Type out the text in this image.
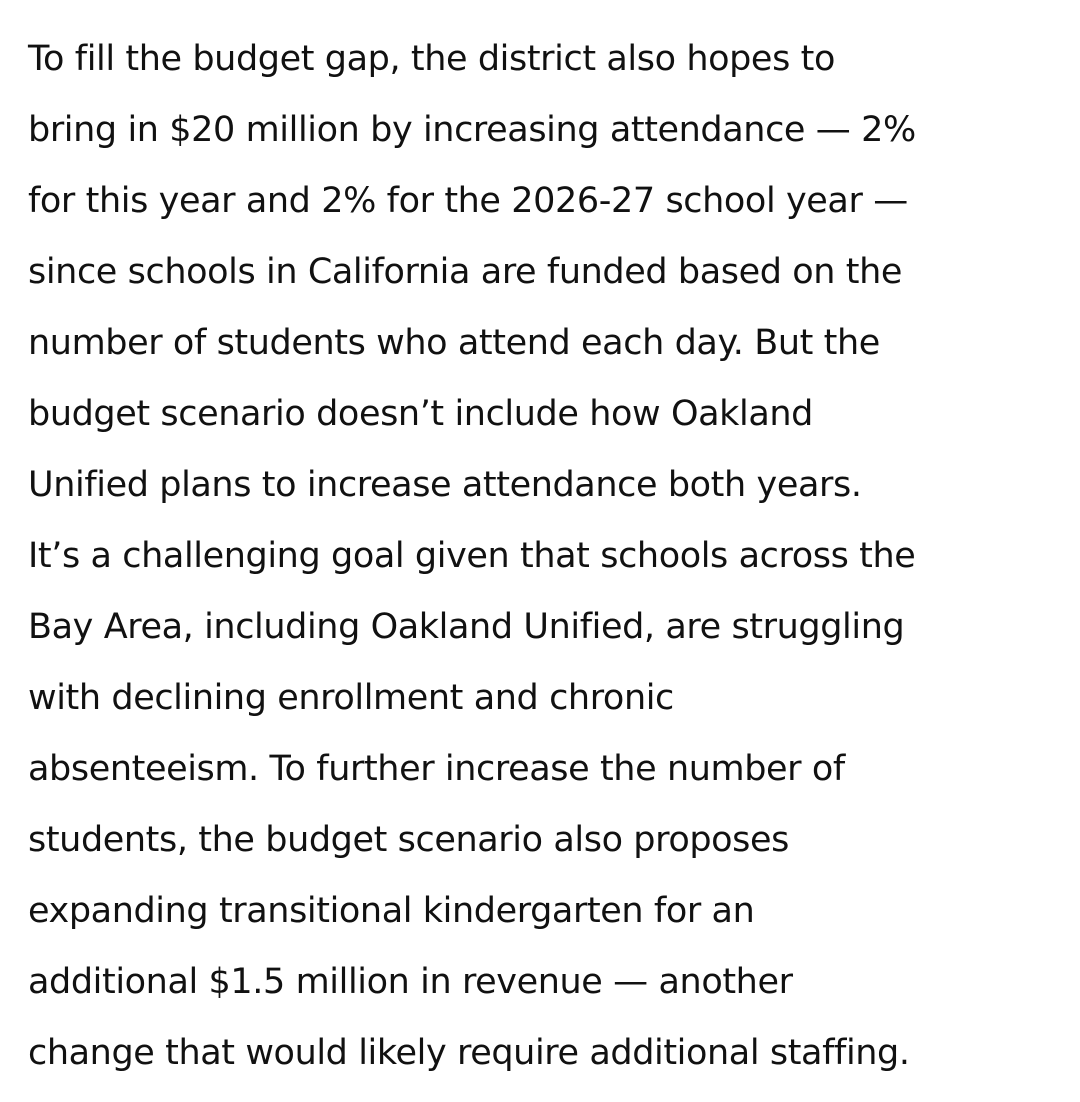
To fill the budget gap, the district also hopes to
bring in $20 million by increasing attendance — 2%
for this year and 2% for the 2026-27 school year —
since schools in California are funded based on the
number of students who attend each day. But the
budget scenario doesn’t include how Oakland
Unified plans to increase attendance both years.
It’s a challenging goal given that schools across the
Bay Area, including Oakland Unified, are struggling
with declining enrollment and chronic
absenteeism. To further increase the number of
students, the budget scenario also proposes
expanding transitional kindergarten for an
additional $1.5 million in revenue — another
change that would likely require additional staffing.
